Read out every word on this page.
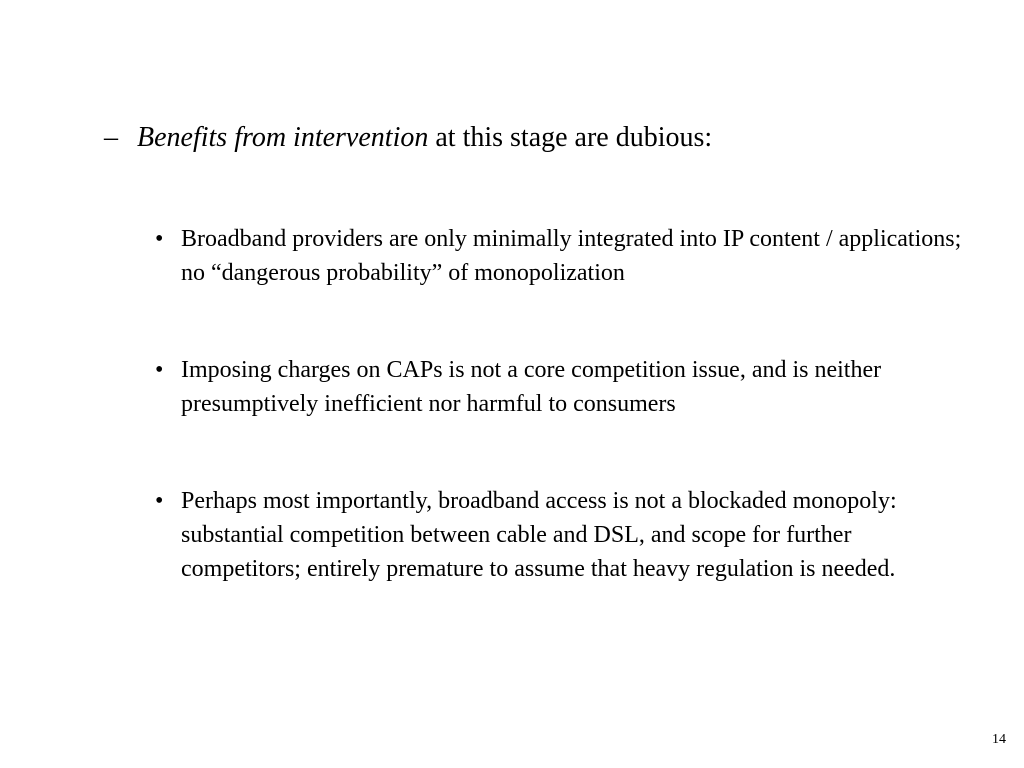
– Benefits from intervention at this stage are dubious:
• Broadband providers are only minimally integrated into IP content / applications; no “dangerous probability” of monopolization
• Imposing charges on CAPs is not a core competition issue, and is neither presumptively inefficient nor harmful to consumers
• Perhaps most importantly, broadband access is not a blockaded monopoly: substantial competition between cable and DSL, and scope for further competitors; entirely premature to assume that heavy regulation is needed.
14
